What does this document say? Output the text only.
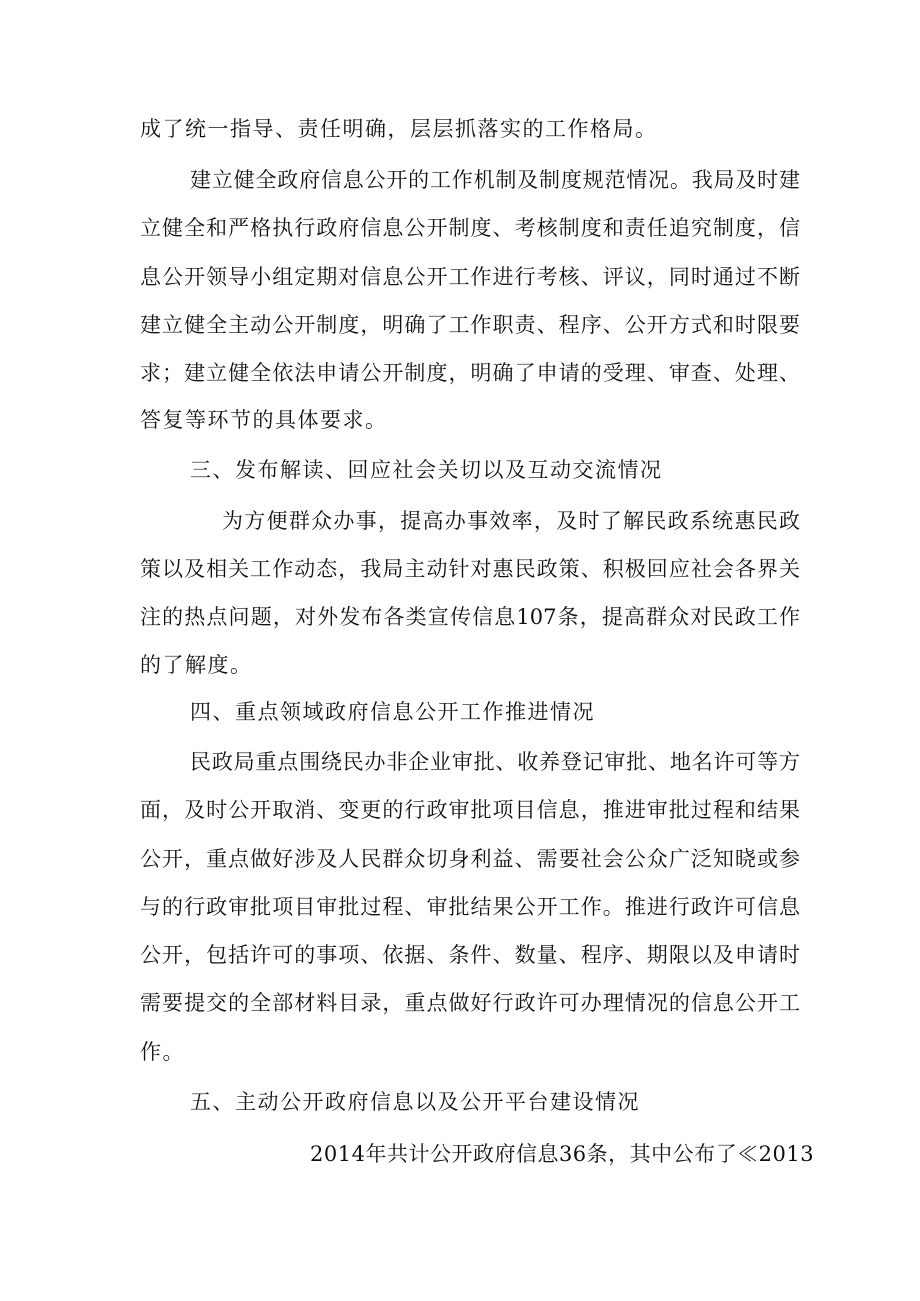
成了统一指导、责任明确，层层抓落实的工作格局。
建立健全政府信息公开的工作机制及制度规范情况。我局及时建
立健全和严格执行政府信息公开制度、考核制度和责任追究制度，信
息公开领导小组定期对信息公开工作进行考核、评议，同时通过不断
建立健全主动公开制度，明确了工作职责、程序、公开方式和时限要
求；建立健全依法申请公开制度，明确了申请的受理、审查、处理、
答复等环节的具体要求。
三、发布解读、回应社会关切以及互动交流情况
为方便群众办事，提高办事效率，及时了解民政系统惠民政
策以及相关工作动态，我局主动针对惠民政策、积极回应社会各界关
注的热点问题，对外发布各类宣传信息107条，提高群众对民政工作
的了解度。
四、重点领域政府信息公开工作推进情况
民政局重点围绕民办非企业审批、收养登记审批、地名许可等方
面，及时公开取消、变更的行政审批项目信息，推进审批过程和结果
公开，重点做好涉及人民群众切身利益、需要社会公众广泛知晓或参
与的行政审批项目审批过程、审批结果公开工作。推进行政许可信息
公开，包括许可的事项、依据、条件、数量、程序、期限以及申请时
需要提交的全部材料目录，重点做好行政许可办理情况的信息公开工
作。
五、主动公开政府信息以及公开平台建设情况
2014年共计公开政府信息36条，其中公布了≪2013
